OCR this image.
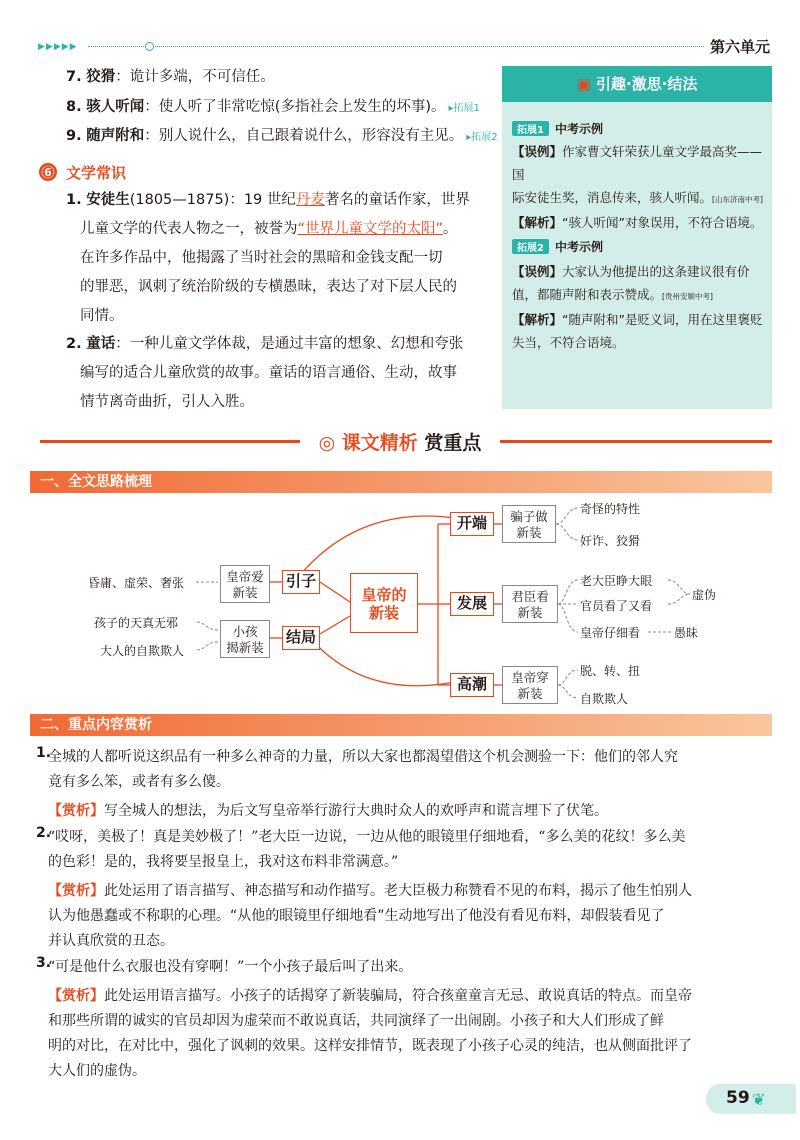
▶▶▶▶▶	第六单元
7. 狡猾：诡计多端，不可信任。
8. 骇人听闻：使人听了非常吃惊(多指社会上发生的坏事)。 ▸拓展1
9. 随声附和：别人说什么，自己跟着说什么，形容没有主见。 ▸拓展2
6 文学常识
1. 安徒生(1805—1875)：19 世纪丹麦著名的童话作家，世界
儿童文学的代表人物之一，被誉为“世界儿童文学的太阳”。
在许多作品中，他揭露了当时社会的黑暗和金钱支配一切
的罪恶，讽刺了统治阶级的专横愚昧，表达了对下层人民的
同情。
2. 童话：一种儿童文学体裁，是通过丰富的想象、幻想和夸张
编写的适合儿童欣赏的故事。童话的语言通俗、生动，故事
情节离奇曲折，引人入胜。
▣ 引趣·激思·结法
拓展1 中考示例
【误例】作家曹文轩荣获儿童文学最高奖——国
际安徒生奖，消息传来，骇人听闻。[山东济南中考]
【解析】“骇人听闻”对象误用，不符合语境。
拓展2 中考示例
【误例】大家认为他提出的这条建议很有价
值，都随声附和表示赞成。[贵州安顺中考]
【解析】“随声附和”是贬义词，用在这里褒贬
失当，不符合语境。
◎ 课文精析 赏重点
一、全文思路梳理
昏庸、虚荣、奢张
孩子的天真无邪
大人的自欺欺人
皇帝爱
新装
小孩
揭新装
引子
结局
皇帝的
新装
开端
发展
高潮
骗子做
新装
君臣看
新装
皇帝穿
新装
奇怪的特性
奸诈、狡猾
老大臣睁大眼
官员看了又看
皇帝仔细看
虚伪
愚昧
脱、转、扭
自欺欺人
二、重点内容赏析
1.
全城的人都听说这织品有一种多么神奇的力量，所以大家也都渴望借这个机会测验一下：他们的邻人究
竟有多么笨，或者有多么傻。
【赏析】写全城人的想法，为后文写皇帝举行游行大典时众人的欢呼声和谎言埋下了伏笔。
2.
“哎呀，美极了！真是美妙极了！”老大臣一边说，一边从他的眼镜里仔细地看，“多么美的花纹！多么美
的色彩！是的，我将要呈报皇上，我对这布料非常满意。”
【赏析】此处运用了语言描写、神态描写和动作描写。老大臣极力称赞看不见的布料，揭示了他生怕别人
认为他愚蠢或不称职的心理。“从他的眼镜里仔细地看”生动地写出了他没有看见布料，却假装看见了
并认真欣赏的丑态。
3.
“可是他什么衣服也没有穿啊！”一个小孩子最后叫了出来。
【赏析】此处运用语言描写。小孩子的话揭穿了新装骗局，符合孩童童言无忌、敢说真话的特点。而皇帝
和那些所谓的诚实的官员却因为虚荣而不敢说真话，共同演绎了一出闹剧。小孩子和大人们形成了鲜
明的对比，在对比中，强化了讽刺的效果。这样安排情节，既表现了小孩子心灵的纯洁，也从侧面批评了
大人们的虚伪。
59 ❦
